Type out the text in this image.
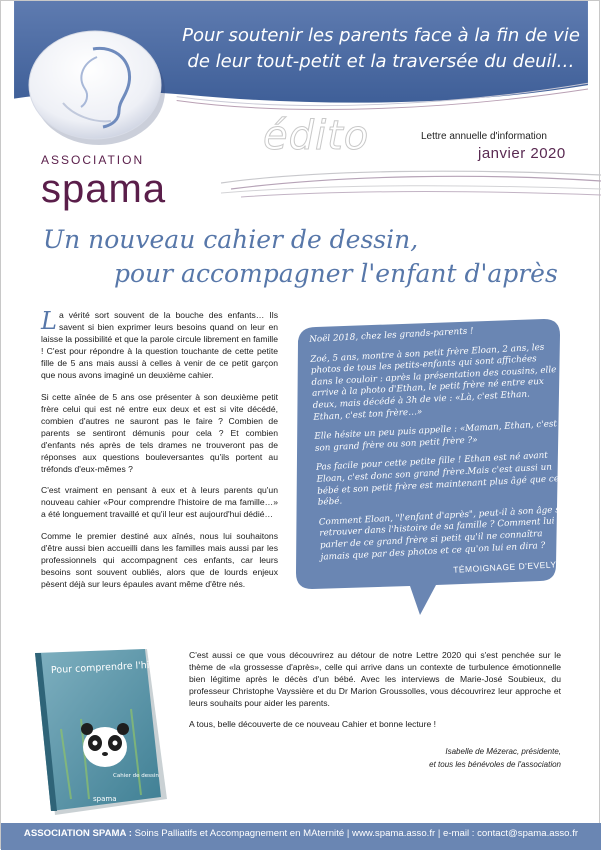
Pour soutenir les parents face à la fin de vie
de leur tout-petit et la traversée du deuil…
ASSOCIATION
spama
édito	Lettre annuelle d'information
janvier 2020
Un nouveau cahier de dessin,
pour accompagner l'enfant d'après

La vérité sort souvent de la bouche des enfants… Ils savent si bien exprimer leurs besoins quand on leur en laisse la possibilité et que la parole circule librement en famille ! C'est pour répondre à la question touchante de cette petite fille de 5 ans mais aussi à celles à venir de ce petit garçon que nous avons imaginé un deuxième cahier.

Si cette aînée de 5 ans ose présenter à son deuxième petit frère celui qui est né entre eux deux et est si vite décédé, combien d'autres ne sauront pas le faire ? Combien de parents se sentiront démunis pour cela ? Et combien d'enfants nés après de tels drames ne trouveront pas de réponses aux questions bouleversantes qu'ils portent au tréfonds d'eux-mêmes ?

C'est vraiment en pensant à eux et à leurs parents qu'un nouveau cahier «Pour comprendre l'histoire de ma famille…» a été longuement travaillé et qu'il leur est aujourd'hui dédié…

Comme le premier destiné aux aînés, nous lui souhaitons d'être aussi bien accueilli dans les familles mais aussi par les professionnels qui accompagnent ces enfants, car leurs besoins sont souvent oubliés, alors que de lourds enjeux pèsent déjà sur leurs épaules avant même d'être nés.

Noël 2018, chez les grands-parents !

Zoé, 5 ans, montre à son petit frère Eloan, 2 ans, les photos de tous les petits-enfants qui sont affichées dans le couloir : après la présentation des cousins, elle arrive à la photo d'Ethan, le petit frère né entre eux deux, mais décédé à 3h de vie : «Là, c'est Ethan. Ethan, c'est ton frère…»

Elle hésite un peu puis appelle : «Maman, Ethan, c'est son grand frère ou son petit frère ?»

Pas facile pour cette petite fille ! Ethan est né avant Eloan, c'est donc son grand frère.Mais c'est aussi un bébé et son petit frère est maintenant plus âgé que ce bébé.

Comment Eloan, "l'enfant d'après", peut-il à son âge se retrouver dans l'histoire de sa famille ? Comment lui parler de ce grand frère si petit qu'il ne connaîtra jamais que par des photos et ce qu'on lui en dira ?

TÉMOIGNAGE D'EVELYNE

Pour comprendre l'histoire de ma famille…
Cahier de dessin
spama

C'est aussi ce que vous découvrirez au détour de notre Lettre 2020 qui s'est penchée sur le thème de «la grossesse d'après», celle qui arrive dans un contexte de turbulence émotionnelle bien légitime après le décès d'un bébé. Avec les interviews de Marie-José Soubieux, du professeur Christophe Vayssière et du Dr Marion Groussolles, vous découvrirez leur approche et leurs souhaits pour aider les parents.

A tous, belle découverte de ce nouveau Cahier et bonne lecture !

Isabelle de Mézerac, présidente,
et tous les bénévoles de l'association
ASSOCIATION SPAMA : Soins Palliatifs et Accompagnement en MAternité | www.spama.asso.fr | e-mail : contact@spama.asso.fr
